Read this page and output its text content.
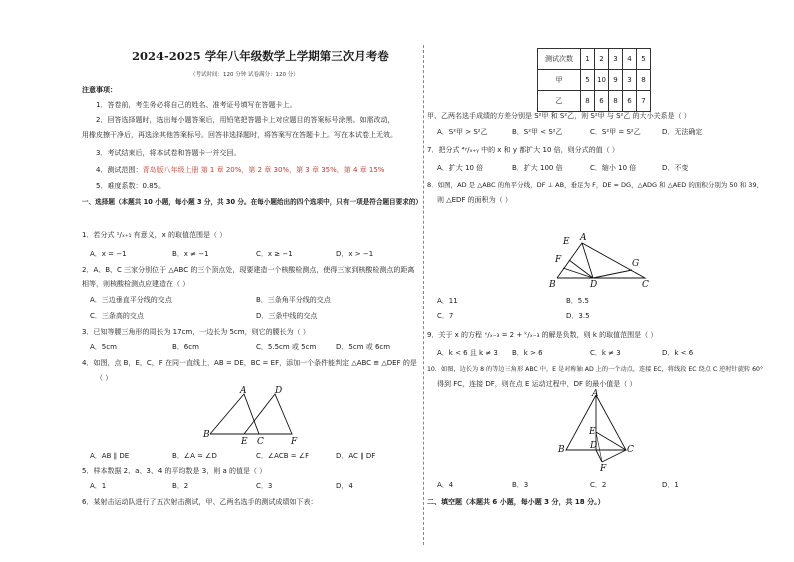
2024-2025 学年八年级数学上学期第三次月考卷
（考试时间：120 分钟 试卷满分：120 分）
注意事项：
1．答卷前，考生务必将自己的姓名、准考证号填写在答题卡上。
2．回答选择题时，选出每小题答案后，用铅笔把答题卡上对应题目的答案标号涂黑。如需改动，
用橡皮擦干净后，再选涂其他答案标号。回答非选择题时，将答案写在答题卡上。写在本试卷上无效。
3．考试结束后，将本试卷和答题卡一并交回。
4．测试范围：青岛版八年级上册 第 1 章 20%，第 2 章 30%，第 3 章 35%，第 4 章 15%
5．难度系数：0.85。
一、选择题（本题共 10 小题，每小题 3 分，共 30 分。在每小题给出的四个选项中，只有一项是符合题目要求的）
1．若分式 ¹/ₓ₊₁ 有意义，x 的取值范围是（ ）
A．x = −1	B．x ≠ −1	C．x ≥ −1	D．x > −1
2．A、B、C 三家分别位于 △ABC 的三个顶点处，现要建造一个核酸检测点，使得三家到核酸检测点的距离
相等，则核酸检测点应建造在（ ）
A．三边垂直平分线的交点	B．三条角平分线的交点
C．三条高的交点	D．三条中线的交点
3．已知等腰三角形的周长为 17cm，一边长为 5cm，则它的腰长为（ ）
A．5cm	B．6cm	C．5.5cm 或 5cm	D．5cm 或 6cm
4．如图，点 B，E，C，F 在同一直线上，AB = DE，BC = EF，添加一个条件能判定 △ABC ≌ △DEF 的是
（ ）
A	D
B
E C	F
A．AB ∥ DE	B．∠A = ∠D	C．∠ACB = ∠F	D．AC ∥ DF
5．样本数据 2、a、3、4 的平均数是 3，则 a 的值是（ ）
A．1	B．2	C．3	D．4
6．某射击运动队进行了五次射击测试，甲、乙两名选手的测试成绩如下表：
测试次数	1	2	3	4	5
甲	5	10	9	3	8
乙	8	6	8	6	7
甲、乙两名选手成绩的方差分别是 S²甲 和 S²乙，则 S²甲 与 S²乙 的大小关系是（ ）
A．S²甲 > S²乙	B．S²甲 < S²乙	C．S²甲 = S²乙	D．无法确定
7．把分式 ⁴ʸ/ₓ₊ᵧ 中的 x 和 y 都扩大 10 倍，则分式的值（ ）
A．扩大 10 倍	B．扩大 100 倍	C．缩小 10 倍	D．不变
8．如图，AD 是 △ABC 的角平分线，DF ⊥ AB，垂足为 F，DE = DG，△ADG 和 △AED 的面积分别为 50 和 39，
则 △EDF 的面积为（ ）
A
E
F	G
B	D	C
A．11	B．5.5
C．7	D．3.5
9．关于 x 的方程 ˣ/ₓ₋₃ = 2 + ᵏ/ₓ₋₃ 的解是负数，则 k 的取值范围是（ ）
A．k < 6 且 k ≠ 3 B．k > 6	C．k ≠ 3	D．k < 6
10．如图，边长为 8 的等边三角形 ABC 中，E 是对称轴 AD 上的一个动点，连接 EC，将线段 EC 绕点 C 逆时针旋转 60°
得到 FC，连接 DF，则在点 E 运动过程中，DF 的最小值是（ ）
A
E
B	D	C
F
A．4	B．3	C．2	D．1
二、填空题（本题共 6 小题，每小题 3 分，共 18 分。）
